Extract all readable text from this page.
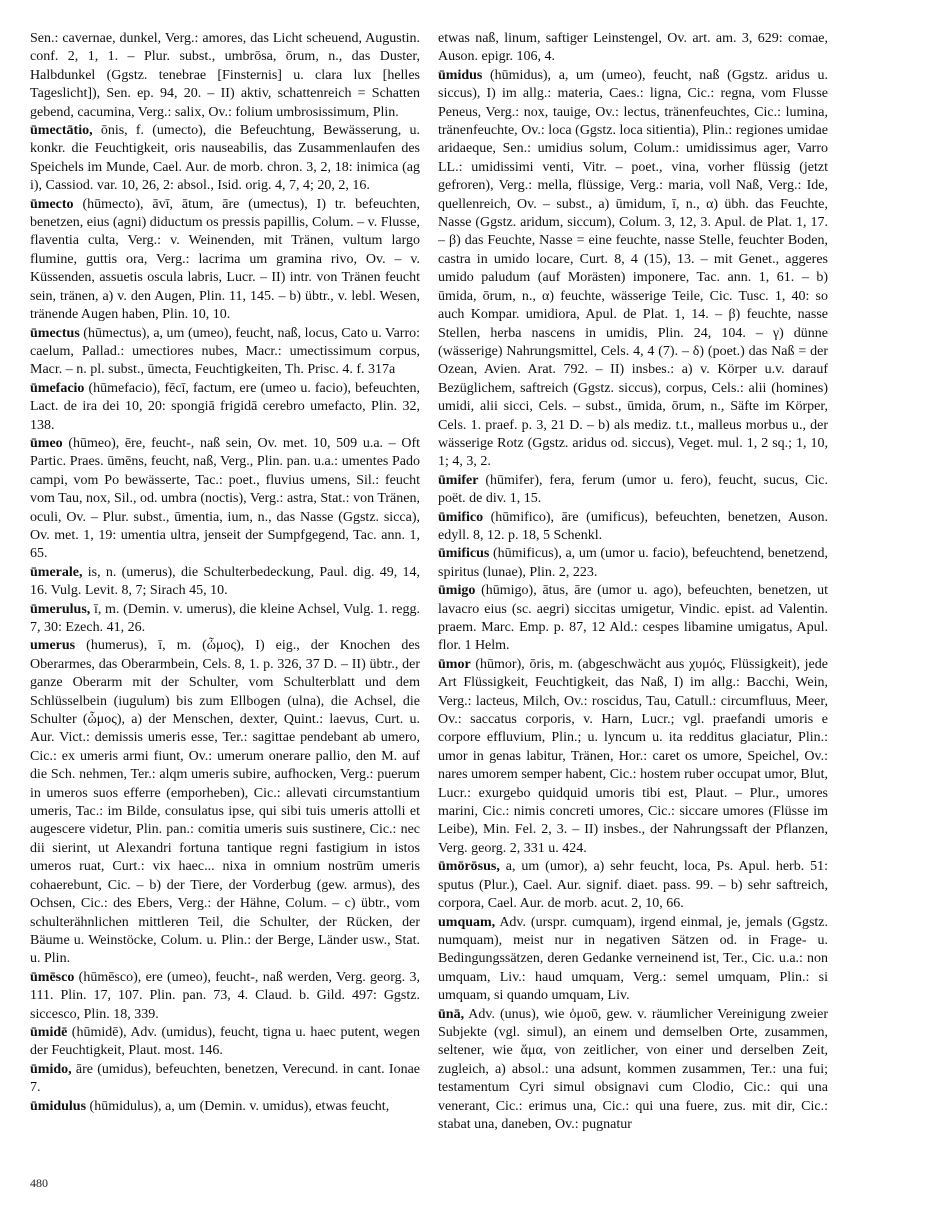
Sen.: cavernae, dunkel, Verg.: amores, das Licht scheuend, Augustin. conf. 2, 1, 1. – Plur. subst., umbrōsa, ōrum, n., das Duster, Halbdunkel (Ggstz. tenebrae [Finsternis] u. clara lux [helles Tageslicht]), Sen. ep. 94, 20. – II) aktiv, schattenreich = Schatten gebend, cacumina, Verg.: salix, Ov.: folium umbrosissimum, Plin.

ūmectātio, ōnis, f. (umecto), die Befeuchtung, Bewässerung, u. konkr. die Feuchtigkeit, oris nauseabilis, das Zusammenlaufen des Speichels im Munde, Cael. Aur. de morb. chron. 3, 2, 18: inimica (ag i), Cassiod. var. 10, 26, 2: absol., Isid. orig. 4, 7, 4; 20, 2, 16.

ūmecto (hūmecto), āvī, ātum, āre (umectus), I) tr. befeuchten, benetzen, eius (agni) diductum os pressis papillis, Colum. – v. Flusse, flaventia culta, Verg.: v. Weinenden, mit Tränen, vultum largo flumine, guttis ora, Verg.: lacrima um gramina rivo, Ov. – v. Küssenden, assuetis oscula labris, Lucr. – II) intr. von Tränen feucht sein, tränen, a) v. den Augen, Plin. 11, 145. – b) übtr., v. lebl. Wesen, tränende Augen haben, Plin. 10, 10.

ūmectus (hūmectus), a, um (umeo), feucht, naß, locus, Cato u. Varro: caelum, Pallad.: umectiores nubes, Macr.: umectissimum corpus, Macr. – n. pl. subst., ūmecta, Feuchtigkeiten, Th. Prisc. 4. f. 317a

ūmefacio (hūmefacio), fēcī, factum, ere (umeo u. facio), befeuchten, Lact. de ira dei 10, 20: spongiā frigidā cerebro umefacto, Plin. 32, 138.

ūmeo (hūmeo), ēre, feucht-, naß sein, Ov. met. 10, 509 u.a. – Oft Partic. Praes. ūmēns, feucht, naß, Verg., Plin. pan. u.a.: umentes Pado campi, vom Po bewässerte, Tac.: poet., fluvius umens, Sil.: feucht vom Tau, nox, Sil., od. umbra (noctis), Verg.: astra, Stat.: von Tränen, oculi, Ov. – Plur. subst., ūmentia, ium, n., das Nasse (Ggstz. sicca), Ov. met. 1, 19: umentia ultra, jenseit der Sumpfgegend, Tac. ann. 1, 65.

ūmerale, is, n. (umerus), die Schulterbedeckung, Paul. dig. 49, 14, 16. Vulg. Levit. 8, 7; Sirach 45, 10.

ūmerulus, ī, m. (Demin. v. umerus), die kleine Achsel, Vulg. 1. regg. 7, 30: Ezech. 41, 26.

umerus (humerus), ī, m. (ὦμος), I) eig., der Knochen des Oberarmes, das Oberarmbein, Cels. 8, 1. p. 326, 37 D. – II) übtr., der ganze Oberarm mit der Schulter, vom Schulterblatt und dem Schlüsselbein (iugulum) bis zum Ellbogen (ulna), die Achsel, die Schulter (ὦμος), a) der Menschen, dexter, Quint.: laevus, Curt. u. Aur. Vict.: demissis umeris esse, Ter.: sagittae pendebant ab umero, Cic.: ex umeris armi fiunt, Ov.: umerum onerare pallio, den M. auf die Sch. nehmen, Ter.: alqm umeris subire, aufhocken, Verg.: puerum in umeros suos efferre (emporheben), Cic.: allevati circumstantium umeris, Tac.: im Bilde, consulatus ipse, qui sibi tuis umeris attolli et augescere videtur, Plin. pan.: comitia umeris suis sustinere, Cic.: nec dii sierint, ut Alexandri fortuna tantique regni fastigium in istos umeros ruat, Curt.: vix haec... nixa in omnium nostrūm umeris cohaerebunt, Cic. – b) der Tiere, der Vorderbug (gew. armus), des Ochsen, Cic.: des Ebers, Verg.: der Hähne, Colum. – c) übtr., vom schulterähnlichen mittleren Teil, die Schulter, der Rücken, der Bäume u. Weinstöcke, Colum. u. Plin.: der Berge, Länder usw., Stat. u. Plin.

ūmēsco (hūmēsco), ere (umeo), feucht-, naß werden, Verg. georg. 3, 111. Plin. 17, 107. Plin. pan. 73, 4. Claud. b. Gild. 497: Ggstz. siccesco, Plin. 18, 339.

ūmidē (hūmidē), Adv. (umidus), feucht, tigna u. haec putent, wegen der Feuchtigkeit, Plaut. most. 146.

ūmido, āre (umidus), befeuchten, benetzen, Verecund. in cant. Ionae 7.

ūmidulus (hūmidulus), a, um (Demin. v. umidus), etwas feucht,

etwas naß, linum, saftiger Leinstengel, Ov. art. am. 3, 629: comae, Auson. epigr. 106, 4.

ūmidus (hūmidus), a, um (umeo), feucht, naß (Ggstz. aridus u. siccus), I) im allg.: materia, Caes.: ligna, Cic.: regna, vom Flusse Peneus, Verg.: nox, tauige, Ov.: lectus, tränenfeuchtes, Cic.: lumina, tränenfeuchte, Ov.: loca (Ggstz. loca sitientia), Plin.: regiones umidae aridaeque, Sen.: umidius solum, Colum.: umidissimus ager, Varro LL.: umidissimi venti, Vitr. – poet., vina, vorher flüssig (jetzt gefroren), Verg.: mella, flüssige, Verg.: maria, voll Naß, Verg.: Ide, quellenreich, Ov. – subst., a) ūmidum, ī, n., α) übh. das Feuchte, Nasse (Ggstz. aridum, siccum), Colum. 3, 12, 3. Apul. de Plat. 1, 17. – β) das Feuchte, Nasse = eine feuchte, nasse Stelle, feuchter Boden, castra in umido locare, Curt. 8, 4 (15), 13. – mit Genet., aggeres umido paludum (auf Morästen) imponere, Tac. ann. 1, 61. – b) ūmida, ōrum, n., α) feuchte, wässerige Teile, Cic. Tusc. 1, 40: so auch Kompar. umidiora, Apul. de Plat. 1, 14. – β) feuchte, nasse Stellen, herba nascens in umidis, Plin. 24, 104. – γ) dünne (wässerige) Nahrungsmittel, Cels. 4, 4 (7). – δ) (poet.) das Naß = der Ozean, Avien. Arat. 792. – II) insbes.: a) v. Körper u.v. darauf Bezüglichem, saftreich (Ggstz. siccus), corpus, Cels.: alii (homines) umidi, alii sicci, Cels. – subst., ūmida, ōrum, n., Säfte im Körper, Cels. 1. praef. p. 3, 21 D. – b) als mediz. t.t., malleus morbus u., der wässerige Rotz (Ggstz. aridus od. siccus), Veget. mul. 1, 2 sq.; 1, 10, 1; 4, 3, 2.

ūmifer (hūmifer), fera, ferum (umor u. fero), feucht, sucus, Cic. poët. de div. 1, 15.

ūmifico (hūmifico), āre (umificus), befeuchten, benetzen, Auson. edyll. 8, 12. p. 18, 5 Schenkl.

ūmificus (hūmificus), a, um (umor u. facio), befeuchtend, benetzend, spiritus (lunae), Plin. 2, 223.

ūmigo (hūmigo), ātus, āre (umor u. ago), befeuchten, benetzen, ut lavacro eius (sc. aegri) siccitas umigetur, Vindic. epist. ad Valentin. praem. Marc. Emp. p. 87, 12 Ald.: cespes libamine umigatus, Apul. flor. 1 Helm.

ūmor (hūmor), ōris, m. (abgeschwächt aus χυμός, Flüssigkeit), jede Art Flüssigkeit, Feuchtigkeit, das Naß, I) im allg.: Bacchi, Wein, Verg.: lacteus, Milch, Ov.: roscidus, Tau, Catull.: circumfluus, Meer, Ov.: saccatus corporis, v. Harn, Lucr.; vgl. praefandi umoris e corpore effluvium, Plin.; u. lyncum u. ita redditus glaciatur, Plin.: umor in genas labitur, Tränen, Hor.: caret os umore, Speichel, Ov.: nares umorem semper habent, Cic.: hostem ruber occupat umor, Blut, Lucr.: exurgebo quidquid umoris tibi est, Plaut. – Plur., umores marini, Cic.: nimis concreti umores, Cic.: siccare umores (Flüsse im Leibe), Min. Fel. 2, 3. – II) insbes., der Nahrungssaft der Pflanzen, Verg. georg. 2, 331 u. 424.

ūmōrōsus, a, um (umor), a) sehr feucht, loca, Ps. Apul. herb. 51: sputus (Plur.), Cael. Aur. signif. diaet. pass. 99. – b) sehr saftreich, corpora, Cael. Aur. de morb. acut. 2, 10, 66.

umquam, Adv. (urspr. cumquam), irgend einmal, je, jemals (Ggstz. numquam), meist nur in negativen Sätzen od. in Frage- u. Bedingungssätzen, deren Gedanke verneinend ist, Ter., Cic. u.a.: non umquam, Liv.: haud umquam, Verg.: semel umquam, Plin.: si umquam, si quando umquam, Liv.

ūnā, Adv. (unus), wie ὁμοῦ, gew. v. räumlicher Vereinigung zweier Subjekte (vgl. simul), an einem und demselben Orte, zusammen, seltener, wie ἅμα, von zeitlicher, von einer und derselben Zeit, zugleich, a) absol.: una adsunt, kommen zusammen, Ter.: una fui; testamentum Cyri simul obsignavi cum Clodio, Cic.: qui una venerant, Cic.: erimus una, Cic.: qui una fuere, zus. mit dir, Cic.: stabat una, daneben, Ov.: pugnatur

480
